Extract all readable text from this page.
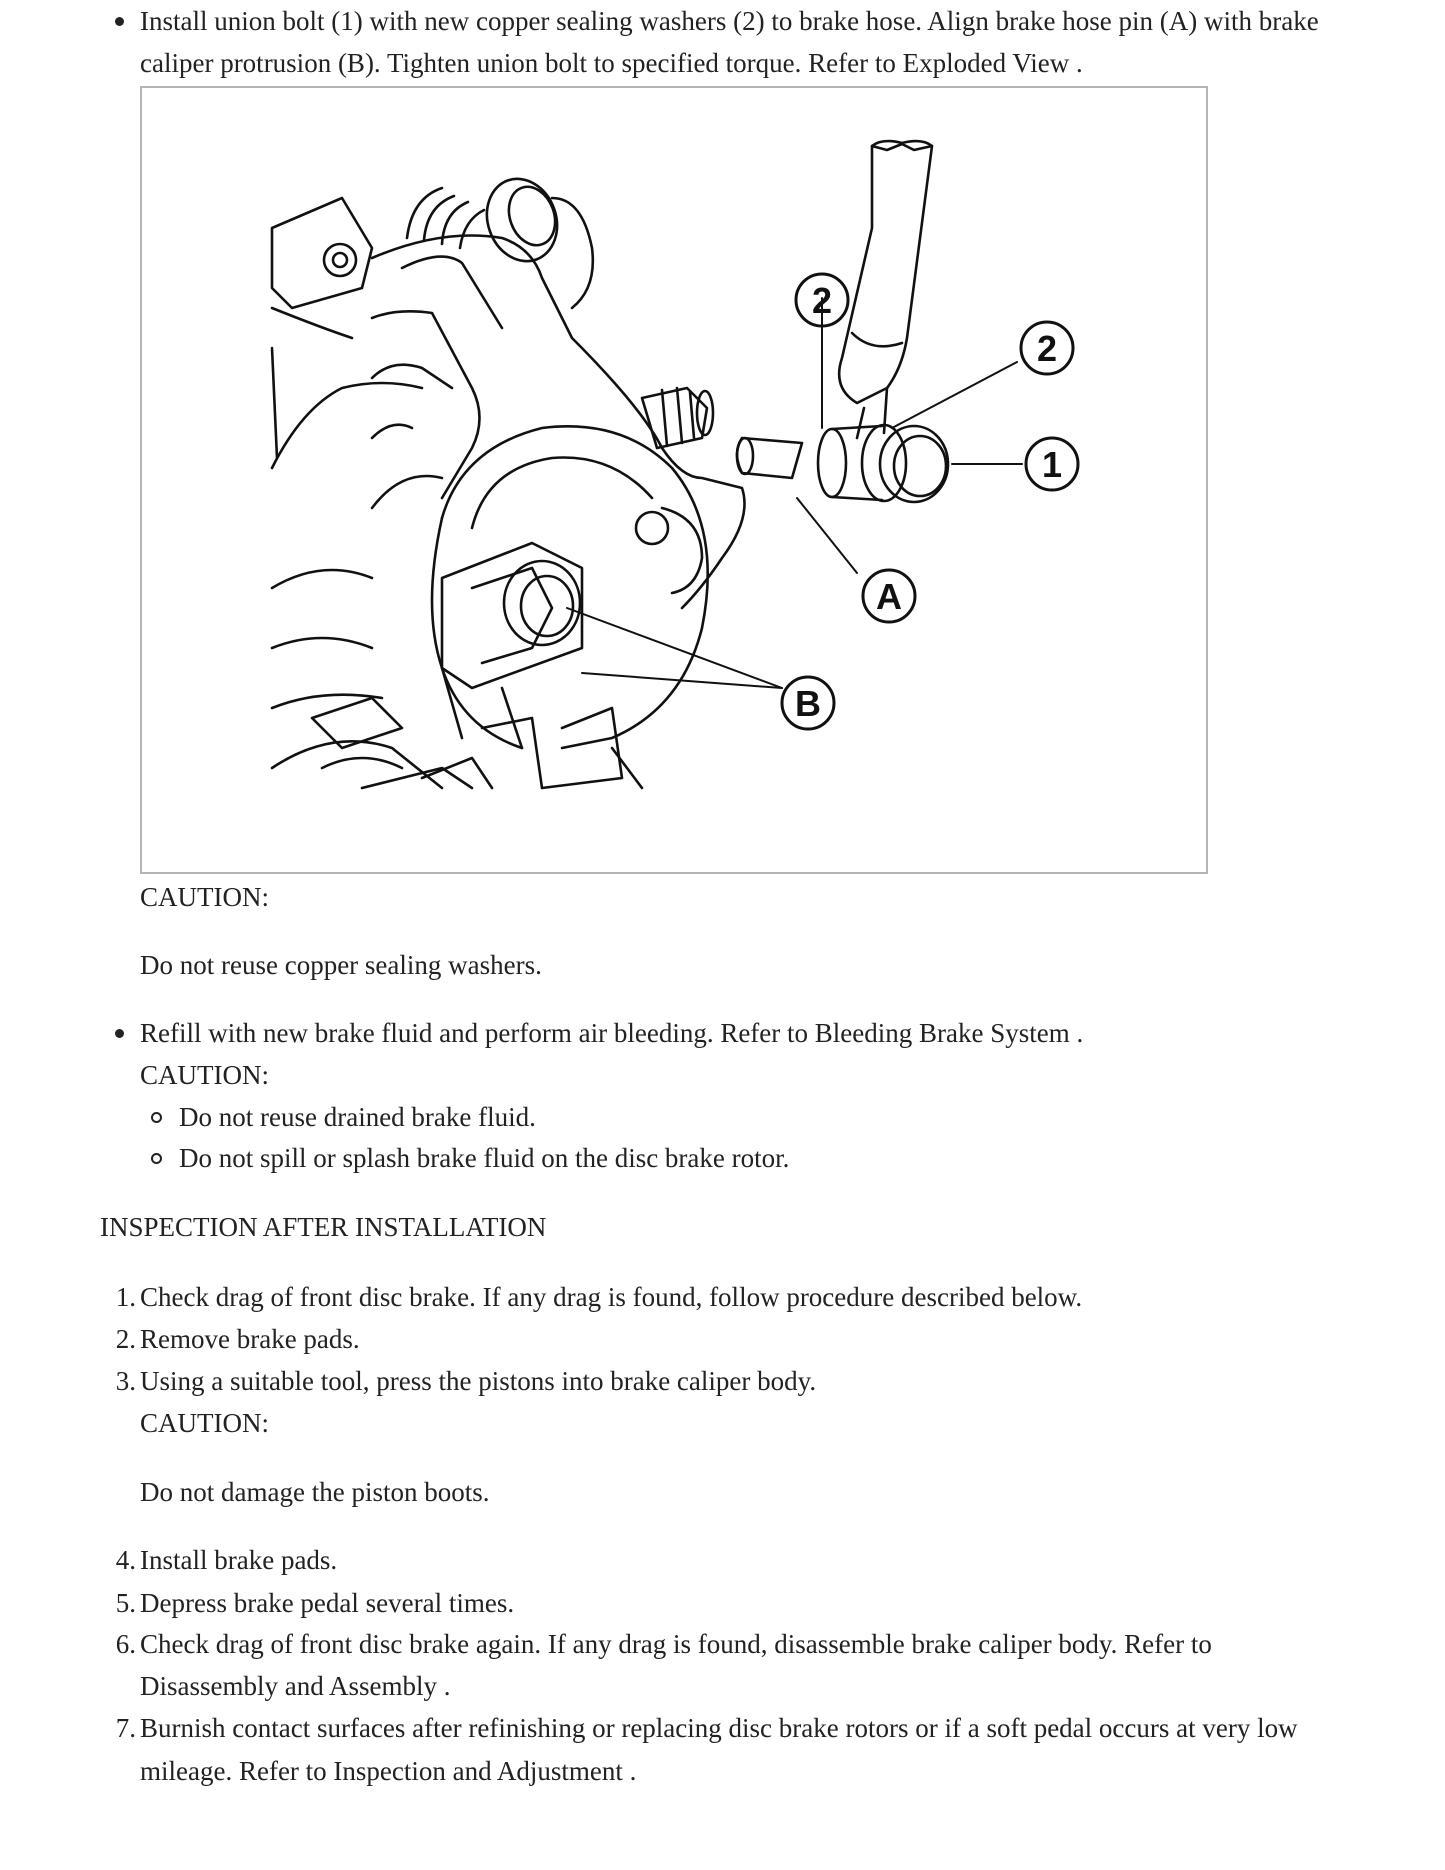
Install union bolt (1) with new copper sealing washers (2) to brake hose. Align brake hose pin (A) with brake
caliper protrusion (B). Tighten union bolt to specified torque. Refer to Exploded View .
2
2
1
A
B
CAUTION:
Do not reuse copper sealing washers.
Refill with new brake fluid and perform air bleeding. Refer to Bleeding Brake System .
CAUTION:
Do not reuse drained brake fluid.
Do not spill or splash brake fluid on the disc brake rotor.
INSPECTION AFTER INSTALLATION
1. Check drag of front disc brake. If any drag is found, follow procedure described below.
2. Remove brake pads.
3. Using a suitable tool, press the pistons into brake caliper body.
CAUTION:
Do not damage the piston boots.
4. Install brake pads.
5. Depress brake pedal several times.
6. Check drag of front disc brake again. If any drag is found, disassemble brake caliper body. Refer to
Disassembly and Assembly .
7. Burnish contact surfaces after refinishing or replacing disc brake rotors or if a soft pedal occurs at very low
mileage. Refer to Inspection and Adjustment .
